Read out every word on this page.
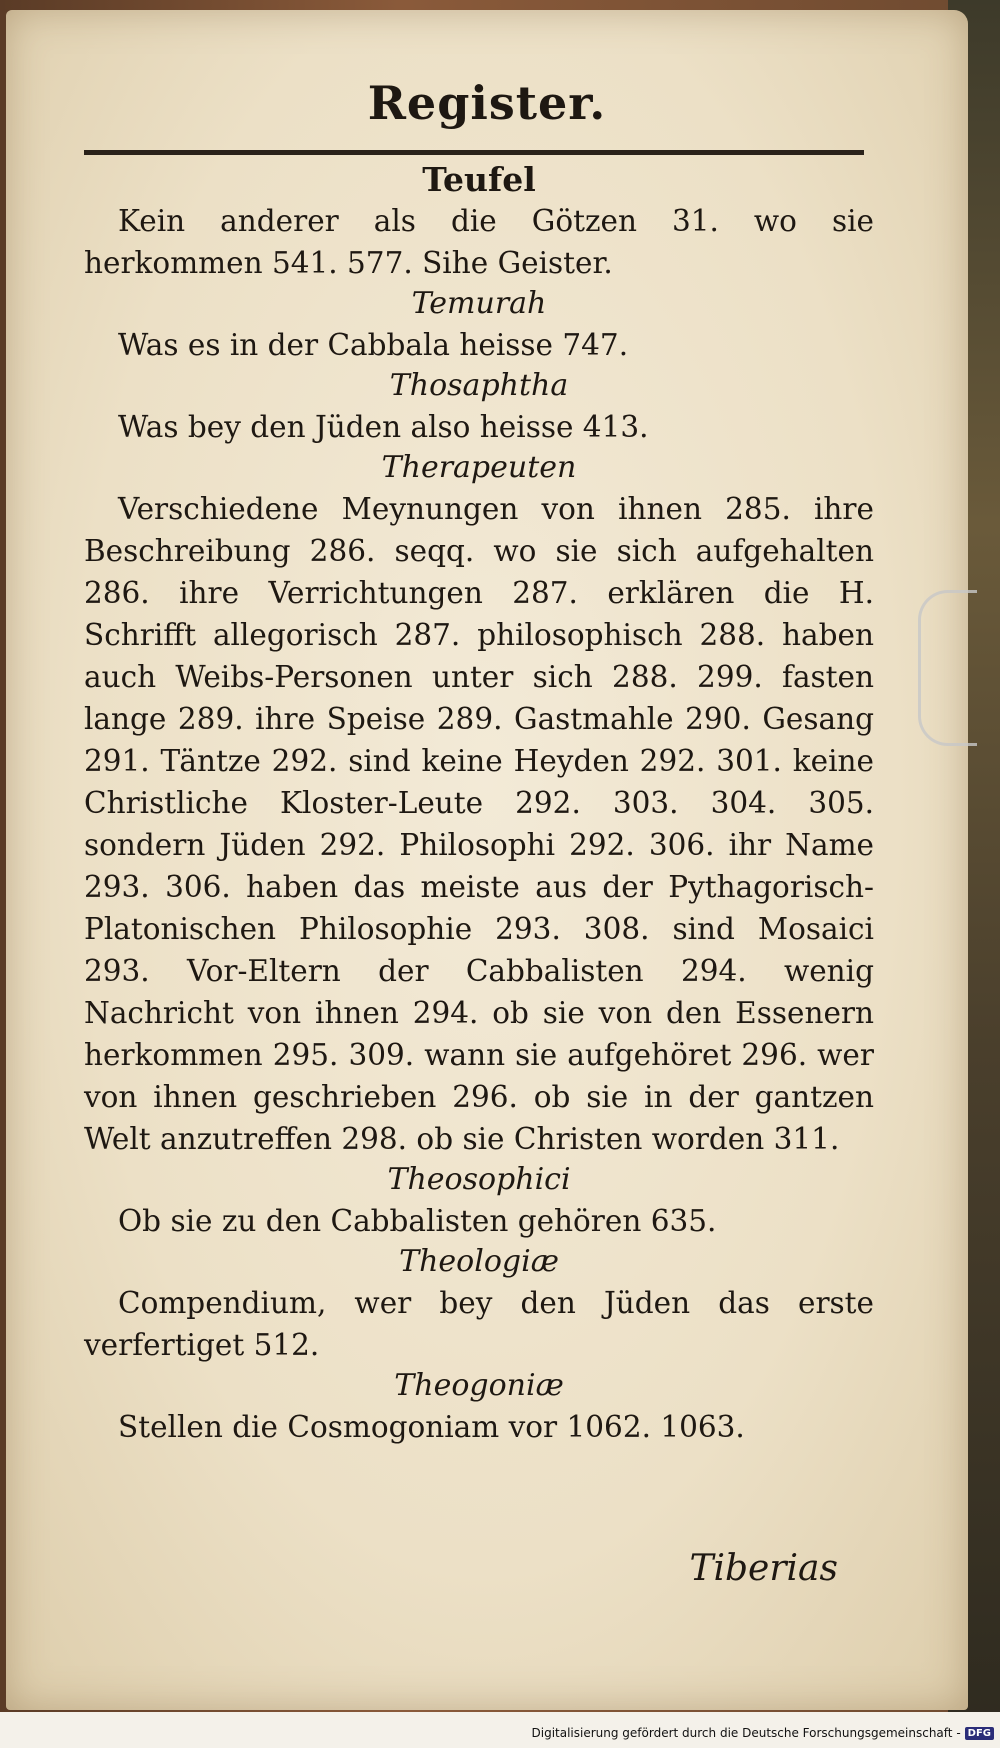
Register.

Teufel

Kein anderer als die Götzen 31. wo sie herkommen 541. 577. Sihe Geister.

Temurah

Was es in der Cabbala heisse 747.

Thosaphtha

Was bey den Jüden also heisse 413.

Therapeuten

Verschiedene Meynungen von ihnen 285. ihre Beschreibung 286. seqq. wo sie sich aufgehalten 286. ihre Verrichtungen 287. erklären die H. Schrifft allegorisch 287. philosophisch 288. haben auch Weibs-Personen unter sich 288. 299. fasten lange 289. ihre Speise 289. Gastmahle 290. Gesang 291. Täntze 292. sind keine Heyden 292. 301. keine Christliche Kloster-Leute 292. 303. 304. 305. sondern Jüden 292. Philosophi 292. 306. ihr Name 293. 306. haben das meiste aus der Pythagorisch-Platonischen Philosophie 293. 308. sind Mosaici 293. Vor-Eltern der Cabbalisten 294. wenig Nachricht von ihnen 294. ob sie von den Essenern herkommen 295. 309. wann sie aufgehöret 296. wer von ihnen geschrieben 296. ob sie in der gantzen Welt anzutreffen 298. ob sie Christen worden 311.

Theosophici

Ob sie zu den Cabbalisten gehören 635.

Theologiæ

Compendium, wer bey den Jüden das erste verfertiget 512.

Theogoniæ

Stellen die Cosmogoniam vor 1062. 1063.

Tiberias
Digitalisierung gefördert durch die Deutsche Forschungsgemeinschaft - DFG
